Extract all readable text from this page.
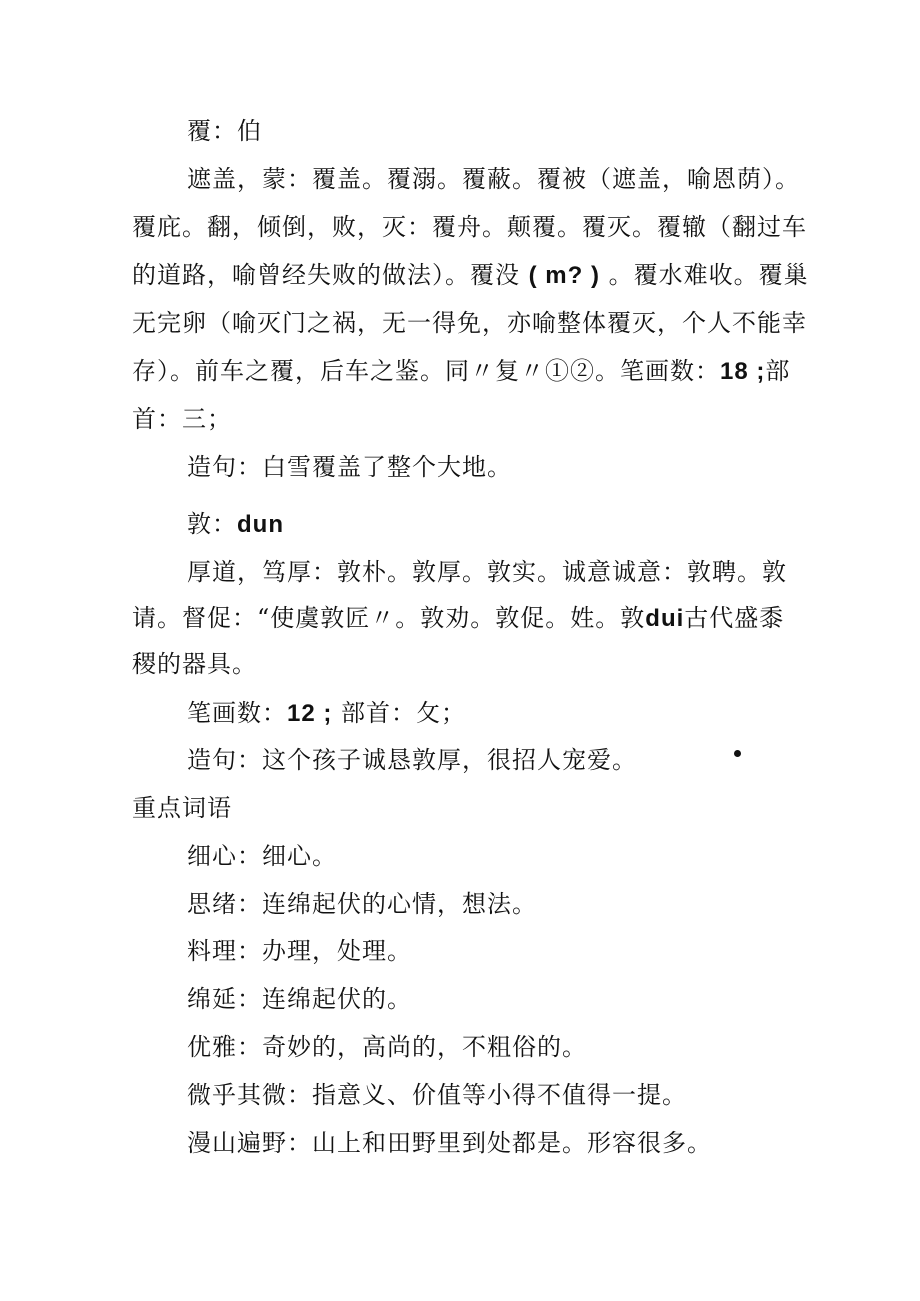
覆：伯
遮盖，蒙：覆盖。覆溺。覆蔽。覆被（遮盖，喻恩荫）。
覆庇。翻，倾倒，败，灭：覆舟。颠覆。覆灭。覆辙（翻过车
的道路，喻曾经失败的做法）。覆没 ( m? ) 。覆水难收。覆巢
无完卵（喻灭门之祸，无一得免，亦喻整体覆灭，个人不能幸
存）。前车之覆，后车之鉴。同〃复〃①②。笔画数：18 ;部
首：三；
造句：白雪覆盖了整个大地。
敦：dun
厚道，笃厚：敦朴。敦厚。敦实。诚意诚意：敦聘。敦
请。督促：“使虞敦匠〃。敦劝。敦促。姓。敦dui古代盛黍
稷的器具。
笔画数：12 ; 部首：攵；
造句：这个孩子诚恳敦厚，很招人宠爱。
重点词语
细心：细心。
思绪：连绵起伏的心情，想法。
料理：办理，处理。
绵延：连绵起伏的。
优雅：奇妙的，高尚的，不粗俗的。
微乎其微：指意义、价值等小得不值得一提。
漫山遍野：山上和田野里到处都是。形容很多。
